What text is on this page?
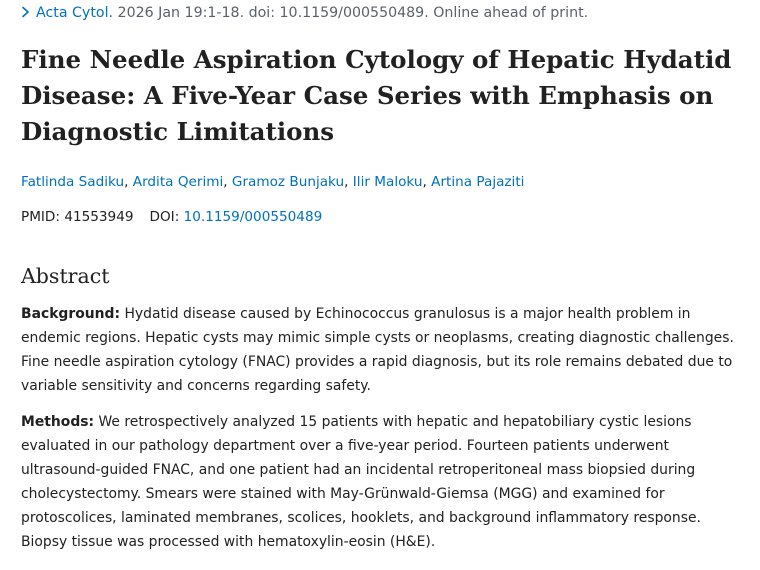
Acta Cytol. 2026 Jan 19:1-18. doi: 10.1159/000550489. Online ahead of print.
Fine Needle Aspiration Cytology of Hepatic Hydatid Disease: A Five-Year Case Series with Emphasis on Diagnostic Limitations
Fatlinda Sadiku, Ardita Qerimi, Gramoz Bunjaku, Ilir Maloku, Artina Pajaziti
PMID: 41553949 DOI: 10.1159/000550489
Abstract

Background: Hydatid disease caused by Echinococcus granulosus is a major health problem in endemic regions. Hepatic cysts may mimic simple cysts or neoplasms, creating diagnostic challenges. Fine needle aspiration cytology (FNAC) provides a rapid diagnosis, but its role remains debated due to variable sensitivity and concerns regarding safety.

Methods: We retrospectively analyzed 15 patients with hepatic and hepatobiliary cystic lesions evaluated in our pathology department over a five-year period. Fourteen patients underwent ultrasound-guided FNAC, and one patient had an incidental retroperitoneal mass biopsied during cholecystectomy. Smears were stained with May-Grünwald-Giemsa (MGG) and examined for protoscolices, laminated membranes, scolices, hooklets, and background inflammatory response. Biopsy tissue was processed with hematoxylin-eosin (H&E).
